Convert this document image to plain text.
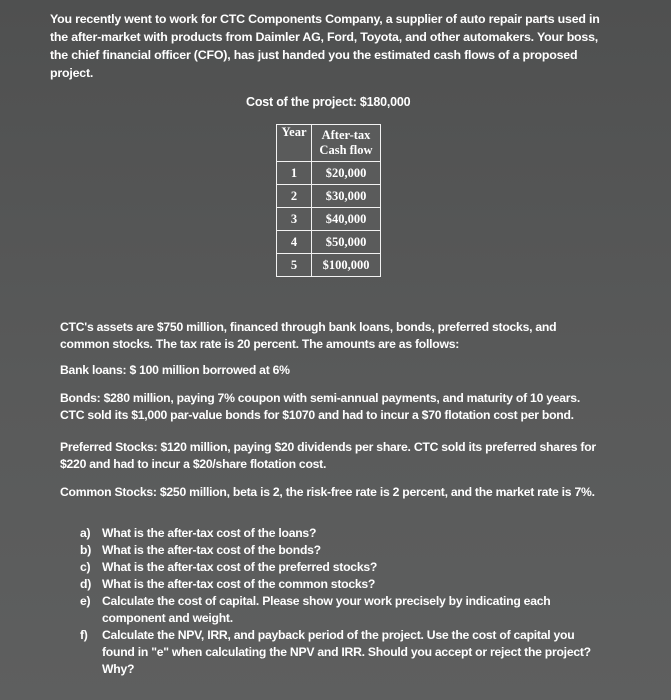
You recently went to work for CTC Components Company, a supplier of auto repair parts used in the after-market with products from Daimler AG, Ford, Toyota, and other automakers. Your boss, the chief financial officer (CFO), has just handed you the estimated cash flows of a proposed project.
Cost of the project: $180,000
Year	After-tax
Cash flow

1	$20,000
2	$30,000
3	$40,000
4	$50,000
5	$100,000
CTC's assets are $750 million, financed through bank loans, bonds, preferred stocks, and common stocks. The tax rate is 20 percent. The amounts are as follows:
Bank loans: $ 100 million borrowed at 6%
Bonds: $280 million, paying 7% coupon with semi-annual payments, and maturity of 10 years. CTC sold its $1,000 par-value bonds for $1070 and had to incur a $70 flotation cost per bond.
Preferred Stocks: $120 million, paying $20 dividends per share. CTC sold its preferred shares for $220 and had to incur a $20/share flotation cost.
Common Stocks: $250 million, beta is 2, the risk-free rate is 2 percent, and the market rate is 7%.
a) What is the after-tax cost of the loans?
b) What is the after-tax cost of the bonds?
c) What is the after-tax cost of the preferred stocks?
d) What is the after-tax cost of the common stocks?
e) Calculate the cost of capital. Please show your work precisely by indicating each component and weight.
f)	Calculate the NPV, IRR, and payback period of the project. Use the cost of capital you found in "e" when calculating the NPV and IRR. Should you accept or reject the project? Why?
